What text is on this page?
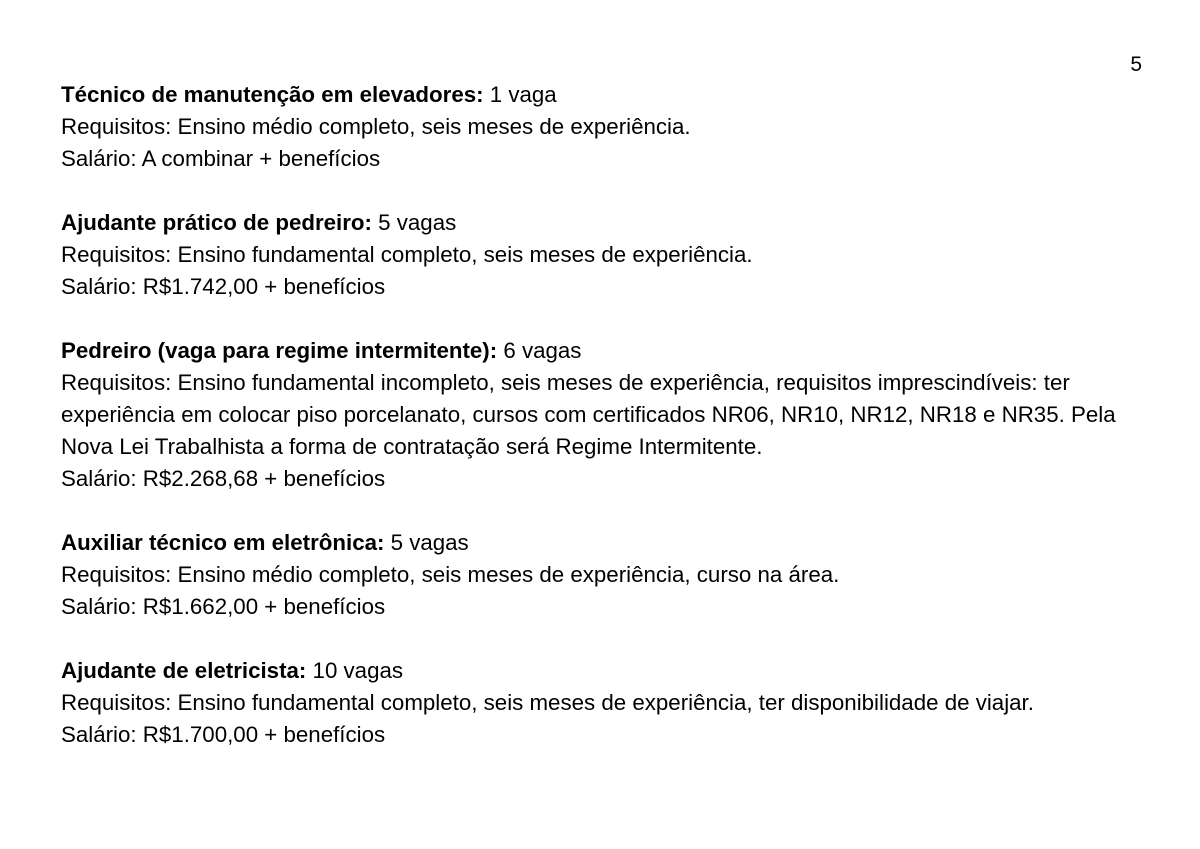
5

Técnico de manutenção em elevadores: 1 vaga

Requisitos: Ensino médio completo, seis meses de experiência.

Salário: A combinar + benefícios

Ajudante prático de pedreiro: 5 vagas

Requisitos: Ensino fundamental completo, seis meses de experiência.

Salário: R$1.742,00 + benefícios

Pedreiro (vaga para regime intermitente): 6 vagas

Requisitos: Ensino fundamental incompleto, seis meses de experiência, requisitos imprescindíveis: ter experiência em colocar piso porcelanato, cursos com certificados NR06, NR10, NR12, NR18 e NR35. Pela Nova Lei Trabalhista a forma de contratação será Regime Intermitente.

Salário: R$2.268,68 + benefícios

Auxiliar técnico em eletrônica: 5 vagas

Requisitos: Ensino médio completo, seis meses de experiência, curso na área.

Salário: R$1.662,00 + benefícios

Ajudante de eletricista: 10 vagas

Requisitos: Ensino fundamental completo, seis meses de experiência, ter disponibilidade de viajar.

Salário: R$1.700,00 + benefícios
